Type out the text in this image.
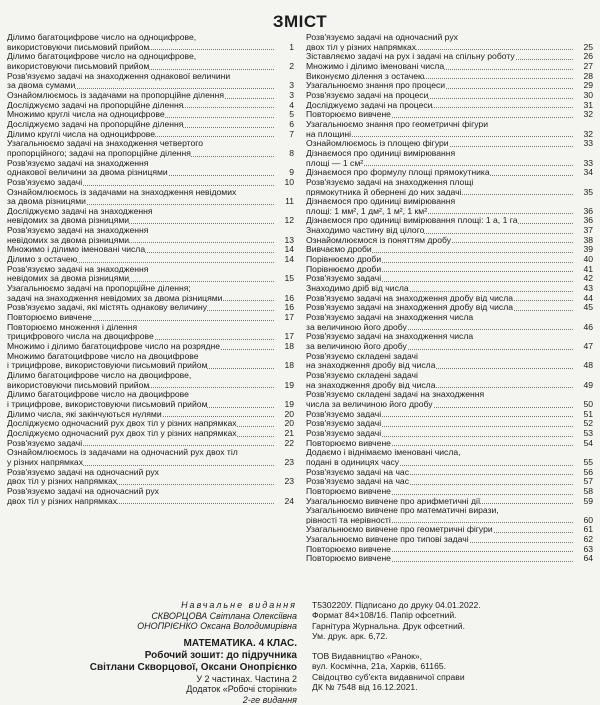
ЗМІСТ
Ділимо багатоцифрове число на одноцифрове,
використовуючи письмовий прийом	1
Ділимо багатоцифрове число на одноцифрове,
використовуючи письмовий прийом	2
Розв'язуємо задачі на знаходження однакової величини
за двома сумами	3
Ознайомлюємось із задачами на пропорційне ділення	3
Досліджуємо задачі на пропорційне ділення	4
Множимо круглі числа на одноцифрове	5
Досліджуємо задачі на пропорційне ділення	6
Ділимо круглі числа на одноцифрове	7
Узагальнюємо задачі на знаходження четвертого
пропорційного; задачі на пропорційне ділення	8
Розв'язуємо задачі на знаходження
однакової величини за двома різницями	9
Розв'язуємо задачі	10
Ознайомлюємось із задачами на знаходження невідомих
за двома різницями	11
Досліджуємо задачі на знаходження
невідомих за двома різницями	12
Розв'язуємо задачі на знаходження
невідомих за двома різницями	13
Множимо і ділимо іменовані числа	14
Ділимо з остачею	14
Розв'язуємо задачі на знаходження
невідомих за двома різницями	15
Узагальнюємо задачі на пропорційне ділення;
задачі на знаходження невідомих за двома різницями	16
Розв'язуємо задачі, які містять однакову величину	16
Повторюємо вивчене	17
Повторюємо множення і ділення
трицифрового числа на двоцифрове	17
Множимо і ділимо багатоцифрове число на розрядне	18
Множимо багатоцифрове число на двоцифрове
і трицифрове, використовуючи письмовий прийом	18
Ділимо багатоцифрове число на двоцифрове,
використовуючи письмовий прийом	19
Ділимо багатоцифрове число на двоцифрове
і трицифрове, використовуючи письмовий прийом	19
Ділимо числа, які закінчуються нулями	20
Досліджуємо одночасний рух двох тіл у різних напрямках	20
Досліджуємо одночасний рух двох тіл у різних напрямках	21
Розв'язуємо задачі	22
Ознайомлюємось із задачами на одночасний рух двох тіл
у різних напрямках	23
Розв'язуємо задачі на одночасний рух
двох тіл у різних напрямках	23
Розв'язуємо задачі на одночасний рух
двох тіл у різних напрямках	24
Розв'язуємо задачі на одночасний рух
двох тіл у різних напрямках	25
Зіставляємо задачі на рух і задачі на спільну роботу	26
Множимо і ділимо іменовані числа	27
Виконуємо ділення з остачею	28
Узагальнюємо знання про процеси	29
Розв'язуємо задачі на процеси	30
Досліджуємо задачі на процеси	31
Повторюємо вивчене	32
Узагальнюємо знання про геометричні фігури
на площині	32
Ознайомлюємось із площею фігури	33
Дізнаємося про одиниці вимірювання
площі — 1 см²	33
Дізнаємося про формулу площі прямокутника	34
Розв'язуємо задачі на знаходження площі
прямокутника й обернені до них задачі	35
Дізнаємося про одиниці вимірювання
площі: 1 мм², 1 дм², 1 м², 1 км²	36
Дізнаємося про одиниці вимірювання площі: 1 а, 1 га	36
Знаходимо частину від цілого	37
Ознайомлюємося із поняттям дробу	38
Вивчаємо дроби	39
Порівнюємо дроби	40
Порівнюємо дроби	41
Розв'язуємо задачі	42
Знаходимо дріб від числа	43
Розв'язуємо задачі на знаходження дробу від числа	44
Розв'язуємо задачі на знаходження дробу від числа	45
Розв'язуємо задачі на знаходження числа
за величиною його дробу	46
Розв'язуємо задачі на знаходження числа
за величиною його дробу	47
Розв'язуємо складені задачі
на знаходження дробу від числа	48
Розв'язуємо складені задачі
на знаходження дробу від числа	49
Розв'язуємо складені задачі на знаходження
числа за величиною його дробу	50
Розв'язуємо задачі	51
Розв'язуємо задачі	52
Розв'язуємо задачі	53
Повторюємо вивчене	54
Додаємо і віднімаємо іменовані числа,
подані в одиницях часу	55
Розв'язуємо задачі на час	56
Розв'язуємо задачі на час	57
Повторюємо вивчене	58
Узагальнюємо вивчене про арифметичні дії	59
Узагальнюємо вивчене про математичні вирази,
рівності та нерівності	60
Узагальнюємо вивчене про геометричні фігури	61
Узагальнюємо вивчене про типові задачі	62
Повторюємо вивчене	63
Повторюємо вивчене	64
Навчальне видання
СКВОРЦОВА Світлана Олексіївна
ОНОПРІЄНКО Оксана Володимирівна
МАТЕМАТИКА. 4 КЛАС.
Робочий зошит: до підручника
Світлани Скворцової, Оксани Онопрієнко
У 2 частинах. Частина 2
Додаток «Робочі сторінки»
2-ге видання
Т530220У. Підписано до друку 04.01.2022.
Формат 84×108/16. Папір офсетний.
Гарнітура Журнальна. Друк офсетний.
Ум. друк. арк. 6,72.
ТОВ Видавництво «Ранок»,
вул. Космічна, 21а, Харків, 61165.
Свідоцтво суб'єкта видавничої справи
ДК № 7548 від 16.12.2021.
